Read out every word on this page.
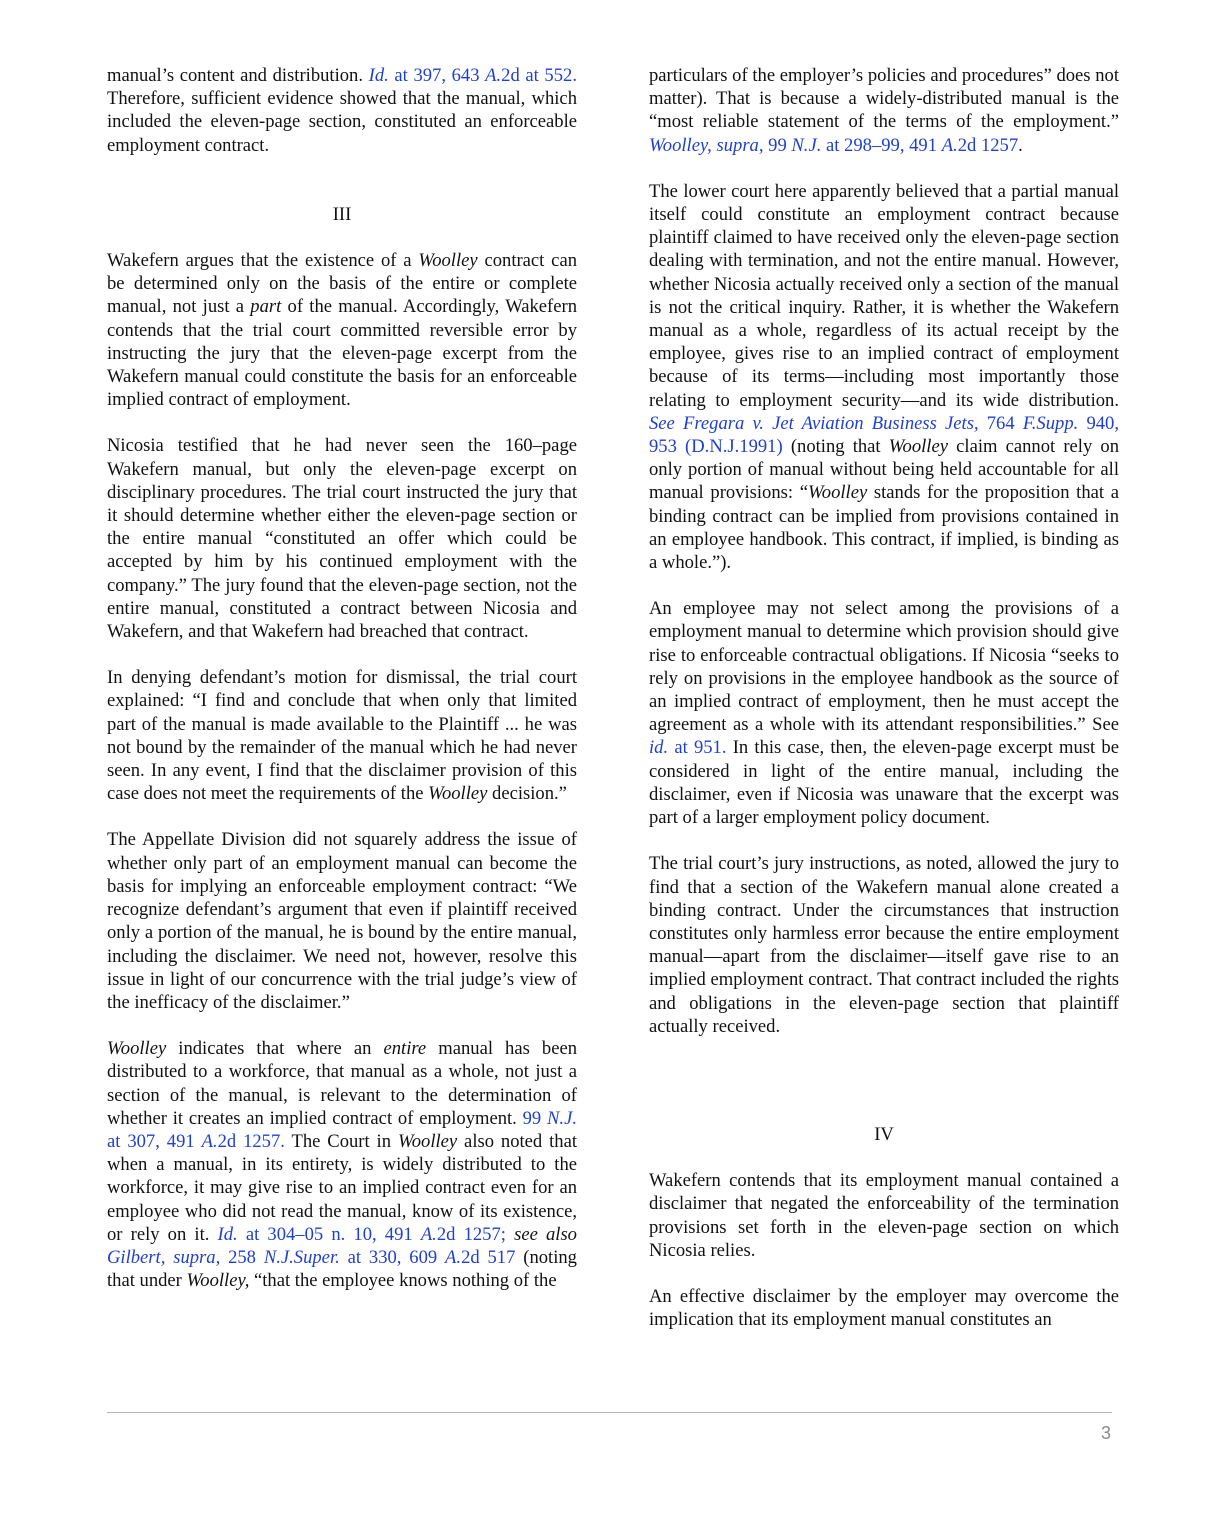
manual’s content and distribution. Id. at 397, 643 A.2d at 552. Therefore, sufficient evidence showed that the manual, which included the eleven-page section, constituted an enforceable employment contract.

III

Wakefern argues that the existence of a Woolley contract can be determined only on the basis of the entire or complete manual, not just a part of the manual. Accordingly, Wakefern contends that the trial court committed reversible error by instructing the jury that the eleven-page excerpt from the Wakefern manual could constitute the basis for an enforceable implied contract of employment.

Nicosia testified that he had never seen the 160–page Wakefern manual, but only the eleven-page excerpt on disciplinary procedures. The trial court instructed the jury that it should determine whether either the eleven-page section or the entire manual “constituted an offer which could be accepted by him by his continued employment with the company.” The jury found that the eleven-page section, not the entire manual, constituted a contract between Nicosia and Wakefern, and that Wakefern had breached that contract.

In denying defendant’s motion for dismissal, the trial court explained: “I find and conclude that when only that limited part of the manual is made available to the Plaintiff ... he was not bound by the remainder of the manual which he had never seen. In any event, I find that the disclaimer provision of this case does not meet the requirements of the Woolley decision.”

The Appellate Division did not squarely address the issue of whether only part of an employment manual can become the basis for implying an enforceable employment contract: “We recognize defendant’s argument that even if plaintiff received only a portion of the manual, he is bound by the entire manual, including the disclaimer. We need not, however, resolve this issue in light of our concurrence with the trial judge’s view of the inefficacy of the disclaimer.”

Woolley indicates that where an entire manual has been distributed to a workforce, that manual as a whole, not just a section of the manual, is relevant to the determination of whether it creates an implied contract of employment. 99 N.J. at 307, 491 A.2d 1257. The Court in Woolley also noted that when a manual, in its entirety, is widely distributed to the workforce, it may give rise to an implied contract even for an employee who did not read the manual, know of its existence, or rely on it. Id. at 304–05 n. 10, 491 A.2d 1257; see also Gilbert, supra, 258 N.J.Super. at 330, 609 A.2d 517 (noting that under Woolley, “that the employee knows nothing of the

particulars of the employer’s policies and procedures” does not matter). That is because a widely-distributed manual is the “most reliable statement of the terms of the employment.” Woolley, supra, 99 N.J. at 298–99, 491 A.2d 1257.

The lower court here apparently believed that a partial manual itself could constitute an employment contract because plaintiff claimed to have received only the eleven-page section dealing with termination, and not the entire manual. However, whether Nicosia actually received only a section of the manual is not the critical inquiry. Rather, it is whether the Wakefern manual as a whole, regardless of its actual receipt by the employee, gives rise to an implied contract of employment because of its terms—including most importantly those relating to employment security—and its wide distribution. See Fregara v. Jet Aviation Business Jets, 764 F.Supp. 940, 953 (D.N.J.1991) (noting that Woolley claim cannot rely on only portion of manual without being held accountable for all manual provisions: “Woolley stands for the proposition that a binding contract can be implied from provisions contained in an employee handbook. This contract, if implied, is binding as a whole.”).

An employee may not select among the provisions of a employment manual to determine which provision should give rise to enforceable contractual obligations. If Nicosia “seeks to rely on provisions in the employee handbook as the source of an implied contract of employment, then he must accept the agreement as a whole with its attendant responsibilities.” See id. at 951. In this case, then, the eleven-page excerpt must be considered in light of the entire manual, including the disclaimer, even if Nicosia was unaware that the excerpt was part of a larger employment policy document.

The trial court’s jury instructions, as noted, allowed the jury to find that a section of the Wakefern manual alone created a binding contract. Under the circumstances that instruction constitutes only harmless error because the entire employment manual—apart from the disclaimer—itself gave rise to an implied employment contract. That contract included the rights and obligations in the eleven-page section that plaintiff actually received.

IV

Wakefern contends that its employment manual contained a disclaimer that negated the enforceability of the termination provisions set forth in the eleven-page section on which Nicosia relies.

An effective disclaimer by the employer may overcome the implication that its employment manual constitutes an

3
